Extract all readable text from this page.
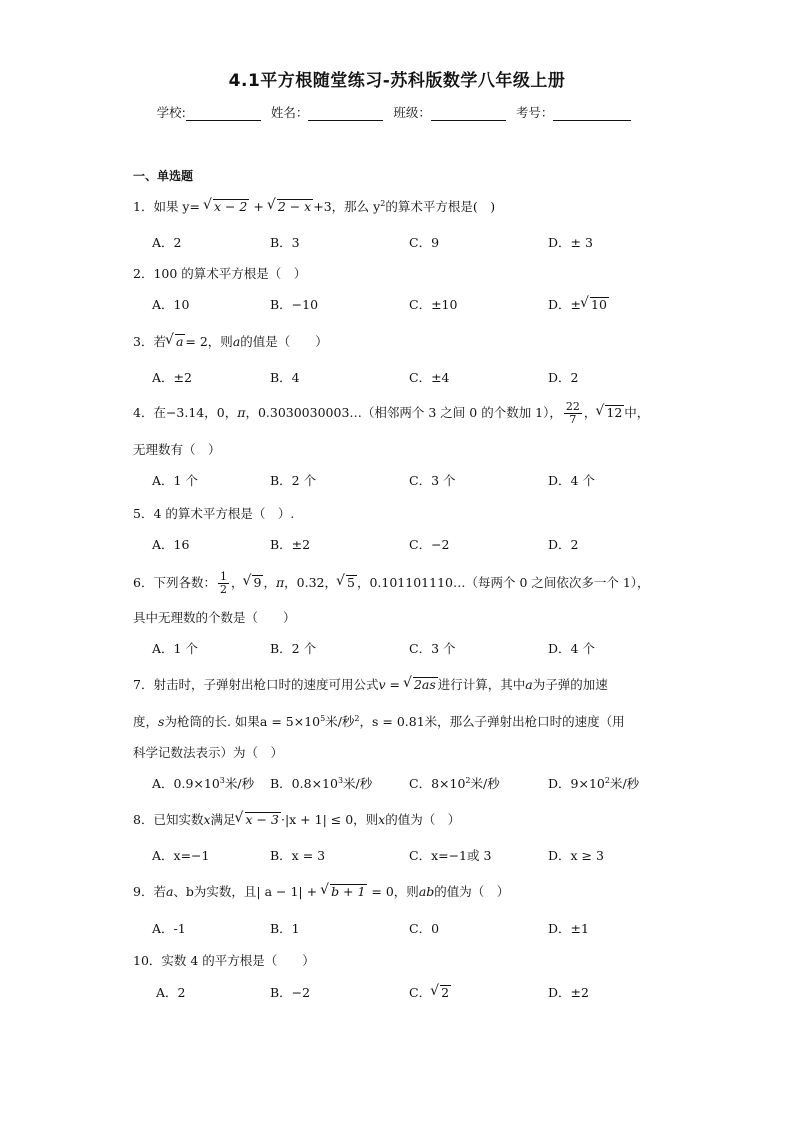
4.1平方根随堂练习-苏科版数学八年级上册
学校:	姓名：	班级：	考号：
一、单选题
1．如果 y= √ x − 2 + √ 2 − x +3，那么 $y^2$的算术平方根是(　)
A．2	B．3	C．9	D．± 3
2．100 的算术平方根是（　）
A．10	B．−10	C．±10	D．± √ 10
3．若 √ a = 2，则a的值是（　　）
A．±2	B．4	C．±4	D．2
4．在−3.14，0，π，0.3030030003…（相邻两个 3 之间 0 的个数加 1）， $\frac{22}{7}$ ， √ 12 中，
无理数有（　）
A．1 个	B．2 个	C．3 个	D．4 个
5．4 的算术平方根是（　）.
A．16	B．±2	C．−2	D．2
6．下列各数： $\frac{1}{2}$ ， √ 9 ，π，0.32， √ 5 ，0.101101110…（每两个 0 之间依次多一个 1），
具中无理数的个数是（　　）
A．1 个	B．2 个	C．3 个	D．4 个
7．射击时，子弹射出枪口时的速度可用公式v = √ 2as 进行计算，其中a为子弹的加速
度，s为枪筒的长. 如果$a = 5\times 10^5$米/秒$^2$，s = 0.81米，那么子弹射出枪口时的速度（用
科学记数法表示）为（　）
A．$0.9\times 10^3$米/秒 B．$0.8\times 10^3$米/秒	C．$8\times 10^2$米/秒	D．$9\times 10^2$米/秒
8．已知实数x满足 √ x − 3 ·|x + 1| ≤ 0，则x的值为（　）
A．x=−1	B．x = 3	C．x=−1或 3	D．x ≥ 3
9．若a、b为实数，且| a − 1| + √ b + 1 = 0，则ab的值为（　）
A．-1	B．1	C．0	D．±1
10．实数 4 的平方根是（　　）
A．2	B．−2	C． √ 2	D．±2
